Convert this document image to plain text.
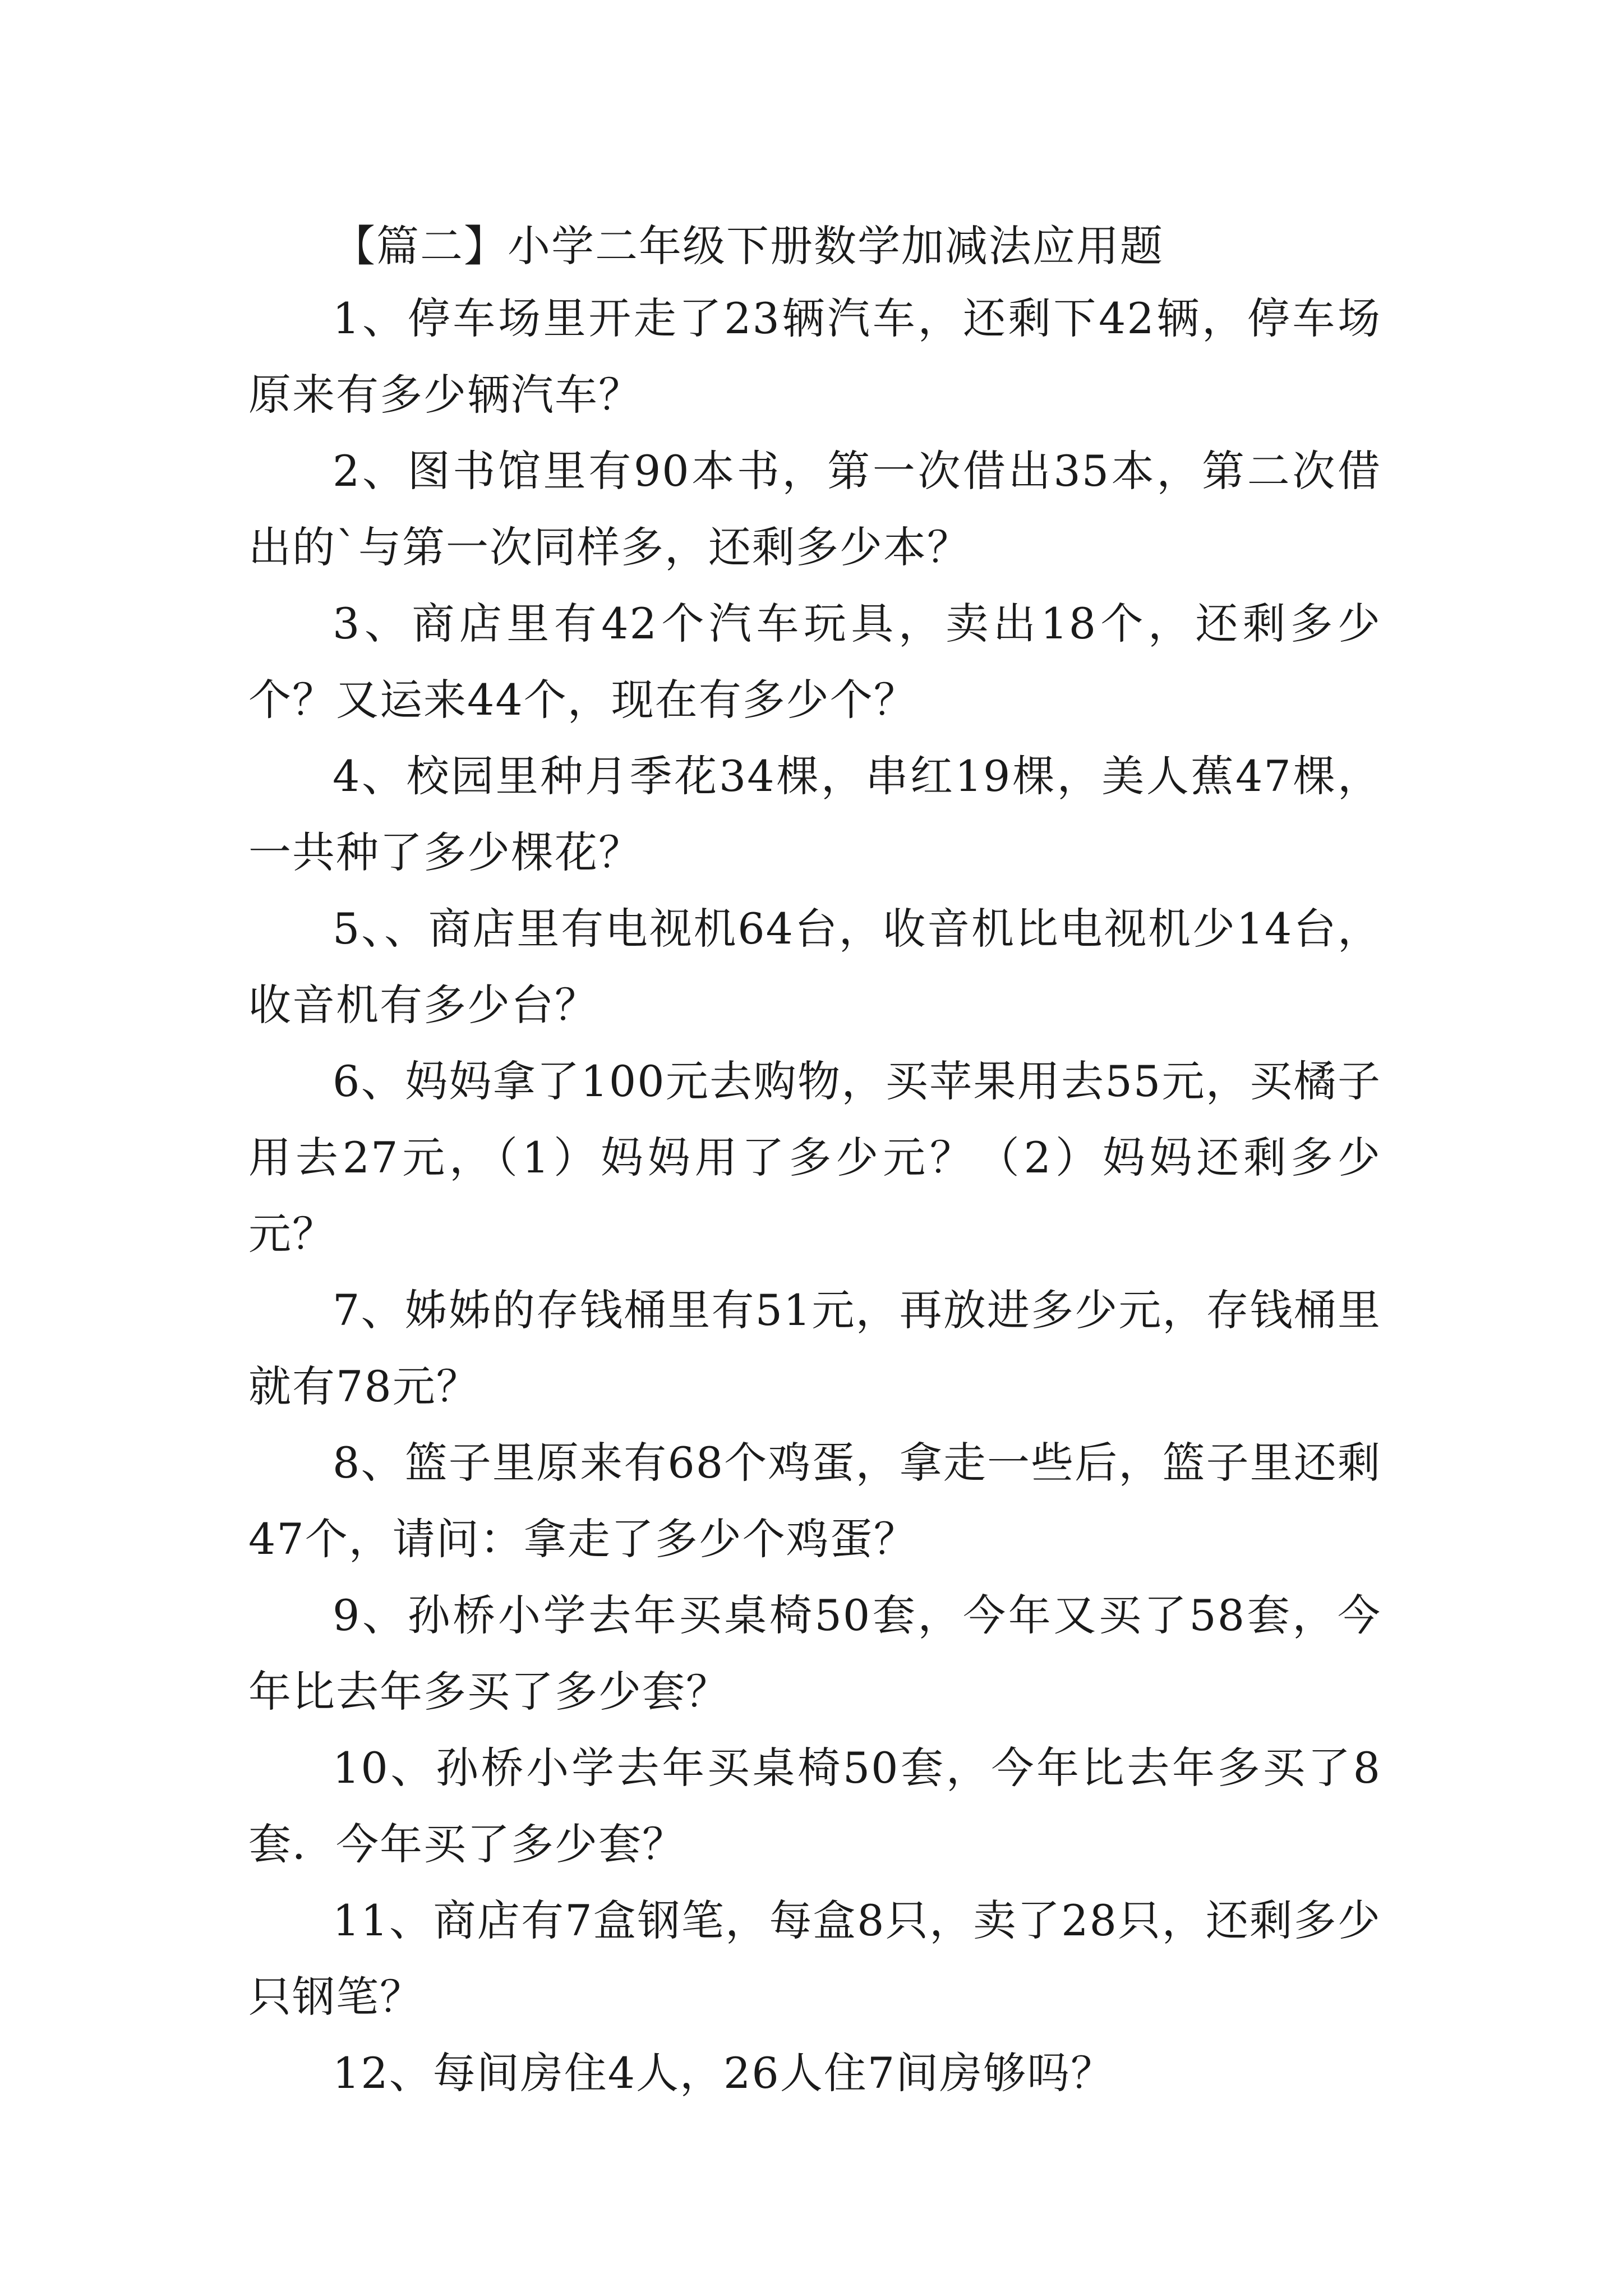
【篇二】小学二年级下册数学加减法应用题

1、停车场里开走了23辆汽车，还剩下42辆，停车场原来有多少辆汽车？

2、图书馆里有90本书，第一次借出35本，第二次借出的`与第一次同样多，还剩多少本？

3、商店里有42个汽车玩具，卖出18个，还剩多少个？又运来44个，现在有多少个？

4、校园里种月季花34棵，串红19棵，美人蕉47棵，一共种了多少棵花？

5、、商店里有电视机64台，收音机比电视机少14台，收音机有多少台？

6、妈妈拿了100元去购物，买苹果用去55元，买橘子用去27元，（1）妈妈用了多少元？（2）妈妈还剩多少元？

7、姊姊的存钱桶里有51元，再放进多少元，存钱桶里就有78元？

8、篮子里原来有68个鸡蛋，拿走一些后，篮子里还剩47个，请问：拿走了多少个鸡蛋？

9、孙桥小学去年买桌椅50套，今年又买了58套，今年比去年多买了多少套？

10、孙桥小学去年买桌椅50套，今年比去年多买了8套．今年买了多少套？

11、商店有7盒钢笔，每盒8只，卖了28只，还剩多少只钢笔？

12、每间房住4人，26人住7间房够吗？
